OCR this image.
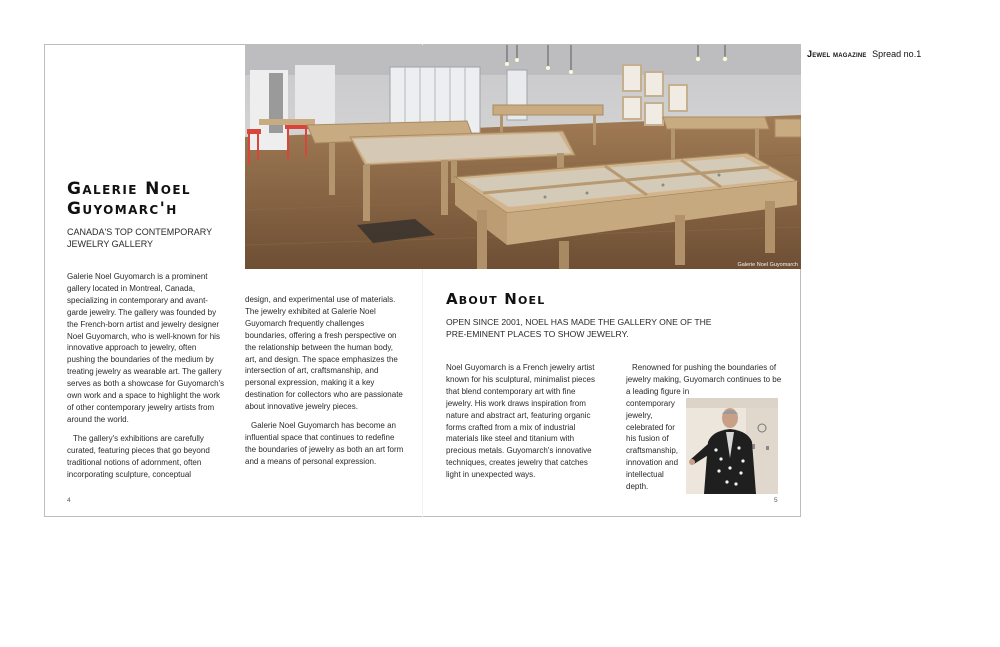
Jewel magazine Spread no.1
Galerie Noel Guyomarch
Galerie Noel
Guyomarc'h
CANADA'S TOP CONTEMPORARY JEWELRY GALLERY

Galerie Noel Guyomarch is a prominent gallery located in Montreal, Canada, specializing in contemporary and avant-garde jewelry. The gallery was founded by the French-born artist and jewelry designer Noel Guyomarch, who is well-known for his innovative approach to jewelry, often pushing the boundaries of the medium by treating jewelry as wearable art. The gallery serves as both a showcase for Guyomarch's own work and a space to highlight the work of other contemporary jewelry artists from around the world.

The gallery's exhibitions are carefully curated, featuring pieces that go beyond traditional notions of adornment, often incorporating sculpture, conceptual

design, and experimental use of materials. The jewelry exhibited at Galerie Noel Guyomarch frequently challenges boundaries, offering a fresh perspective on the relationship between the human body, art, and design. The space emphasizes the intersection of art, craftsmanship, and personal expression, making it a key destination for collectors who are passionate about innovative jewelry pieces.

Galerie Noel Guyomarch has become an influential space that continues to redefine the boundaries of jewelry as both an art form and a means of personal expression.

About Noel
OPEN SINCE 2001, NOEL HAS MADE THE GALLERY ONE OF THE PRE-EMINENT PLACES TO SHOW JEWELRY.

Noel Guyomarch is a French jewelry artist known for his sculptural, minimalist pieces that blend contemporary art with fine jewelry. His work draws inspiration from nature and abstract art, featuring organic forms crafted from a mix of industrial materials like steel and titanium with precious metals. Guyomarch's innovative techniques, creates jewelry that catches light in unexpected ways.

Renowned for pushing the boundaries of jewelry making, Guyomarch continues to be a leading figure in

contemporary jewelry, celebrated for his fusion of craftsmanship, innovation and intellectual depth.

4	5
